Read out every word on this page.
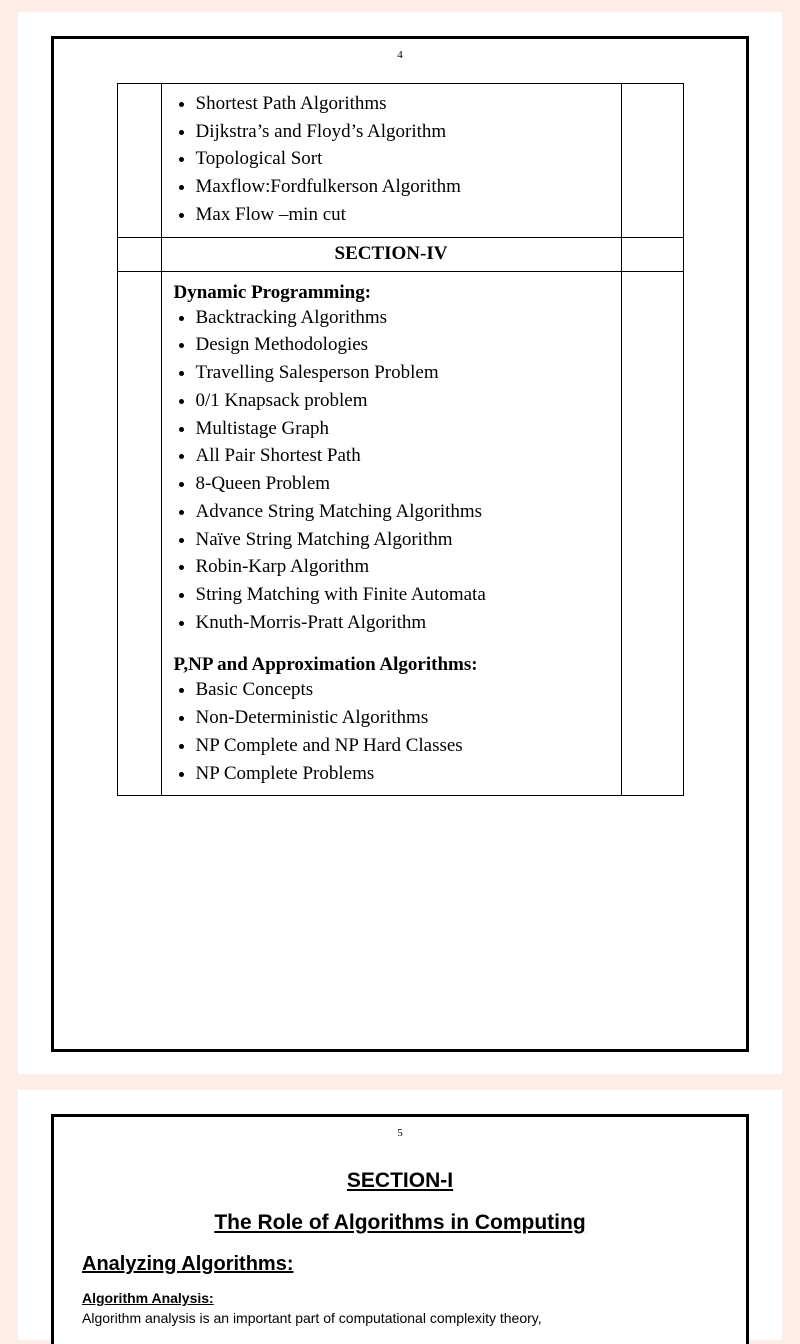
4

• Shortest Path Algorithms
• Dijkstra’s and Floyd’s Algorithm
• Topological Sort
• Maxflow:Fordfulkerson Algorithm
• Max Flow –min cut

	SECTION-IV	

Dynamic Programming:
• Backtracking Algorithms
• Design Methodologies
• Travelling Salesperson Problem
• 0/1 Knapsack problem
• Multistage Graph
• All Pair Shortest Path
• 8-Queen Problem
• Advance String Matching Algorithms
• Naïve String Matching Algorithm
• Robin-Karp Algorithm
• String Matching with Finite Automata
• Knuth-Morris-Pratt Algorithm
P,NP and Approximation Algorithms:
• Basic Concepts
• Non-Deterministic Algorithms
• NP Complete and NP Hard Classes
• NP Complete Problems

5
SECTION-I
The Role of Algorithms in Computing
Analyzing Algorithms:
Algorithm Analysis:
Algorithm analysis is an important part of computational complexity theory,
